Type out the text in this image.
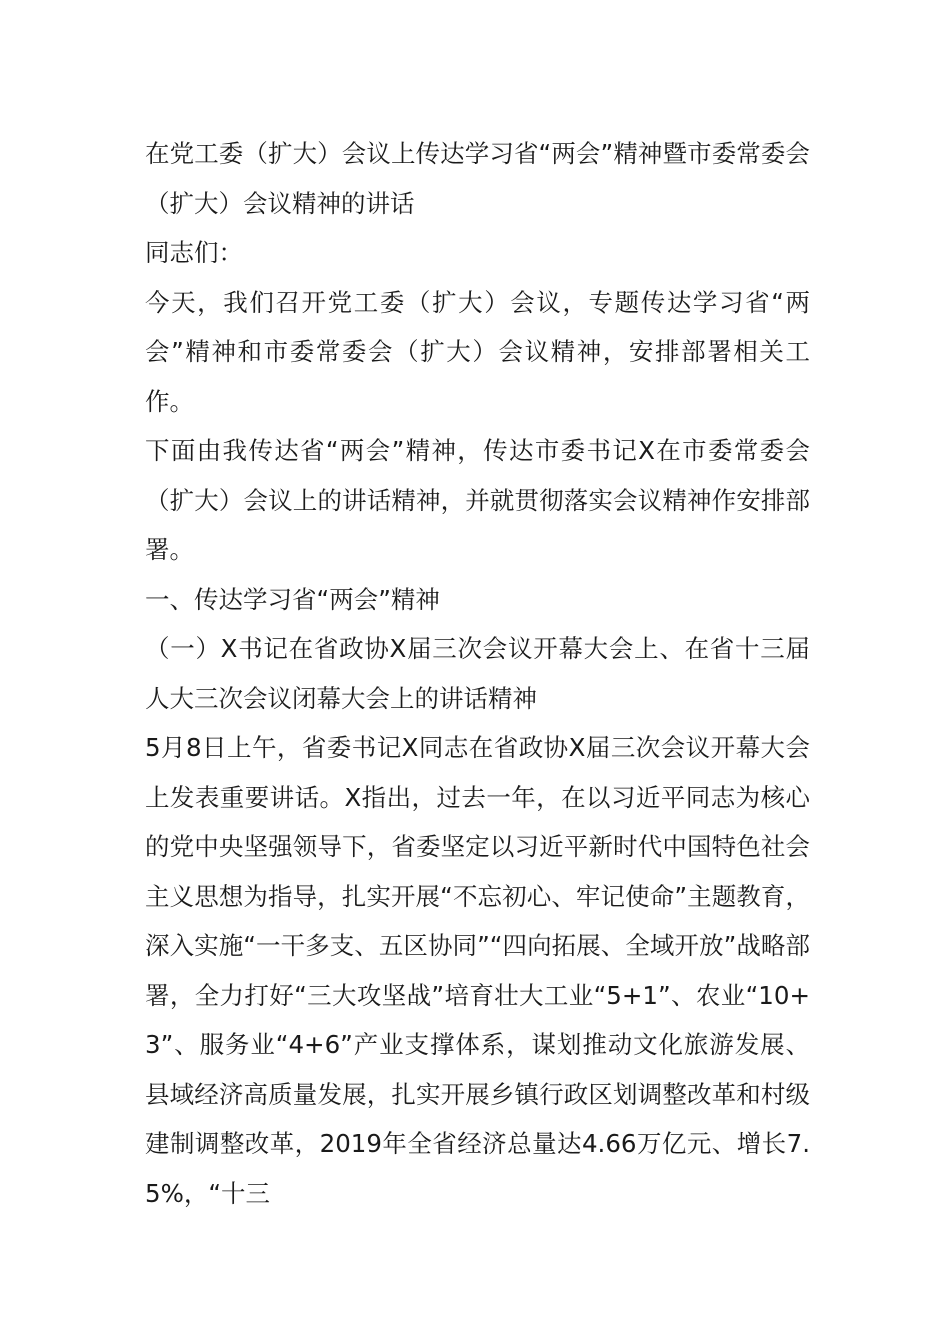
在党工委（扩大）会议上传达学习省“两会”精神暨市委常委会（扩大）会议精神的讲话

同志们：

今天，我们召开党工委（扩大）会议，专题传达学习省“两会”精神和市委常委会（扩大）会议精神，安排部署相关工作。

下面由我传达省“两会”精神，传达市委书记X在市委常委会（扩大）会议上的讲话精神，并就贯彻落实会议精神作安排部署。

一、传达学习省“两会”精神

（一）X书记在省政协X届三次会议开幕大会上、在省十三届人大三次会议闭幕大会上的讲话精神

5月8日上午，省委书记X同志在省政协X届三次会议开幕大会上发表重要讲话。X指出，过去一年，在以习近平同志为核心的党中央坚强领导下，省委坚定以习近平新时代中国特色社会主义思想为指导，扎实开展“不忘初心、牢记使命”主题教育，深入实施“一干多支、五区协同”“四向拓展、全域开放”战略部署，全力打好“三大攻坚战”培育壮大工业“5+1”、农业“10+3”、服务业“4+6”产业支撑体系，谋划推动文化旅游发展、县域经济高质量发展，扎实开展乡镇行政区划调整改革和村级建制调整改革，2019年全省经济总量达4.66万亿元、增长7.5%，“十三
